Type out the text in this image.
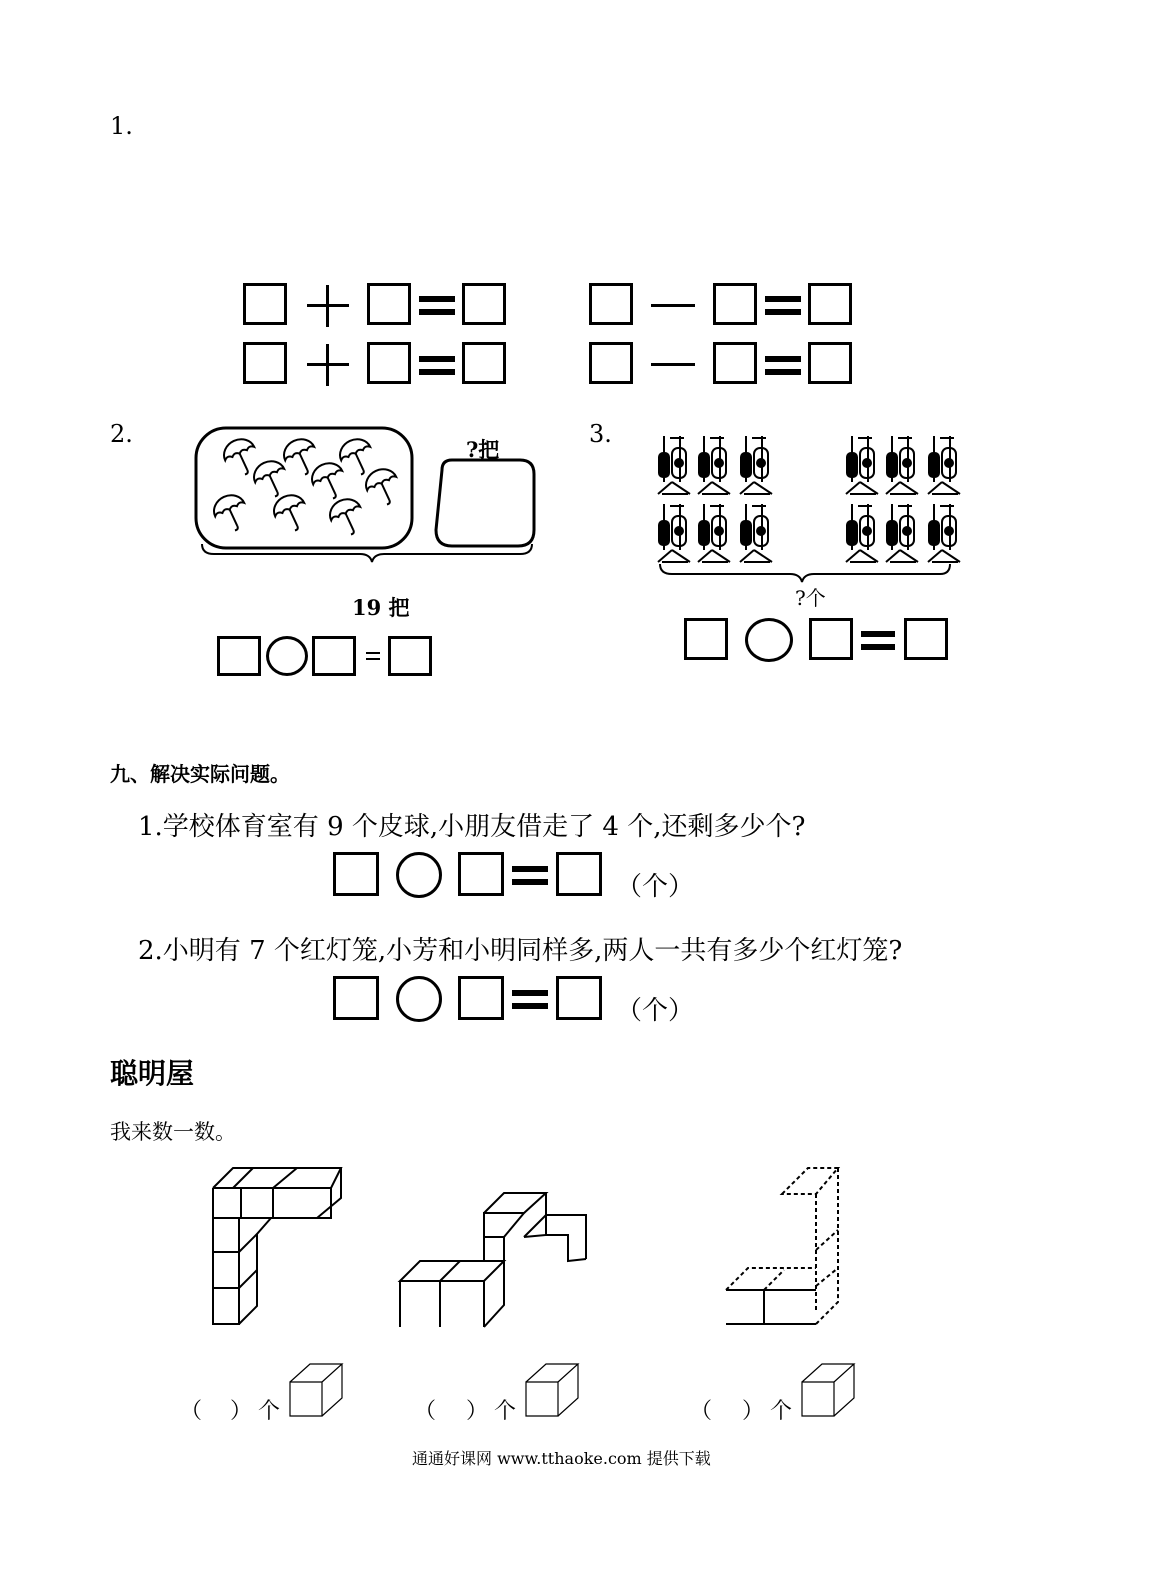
1.
2.
?把
19 把
3.
?个
九、解决实际问题。
1.学校体育室有 9 个皮球,小朋友借走了 4 个,还剩多少个?
（个）
2.小明有 7 个红灯笼,小芳和小明同样多,两人一共有多少个红灯笼?
（个）
聪明屋
我来数一数。
（ ） 个	（ ） 个	（ ） 个
通通好课网 www.tthaoke.com 提供下载
